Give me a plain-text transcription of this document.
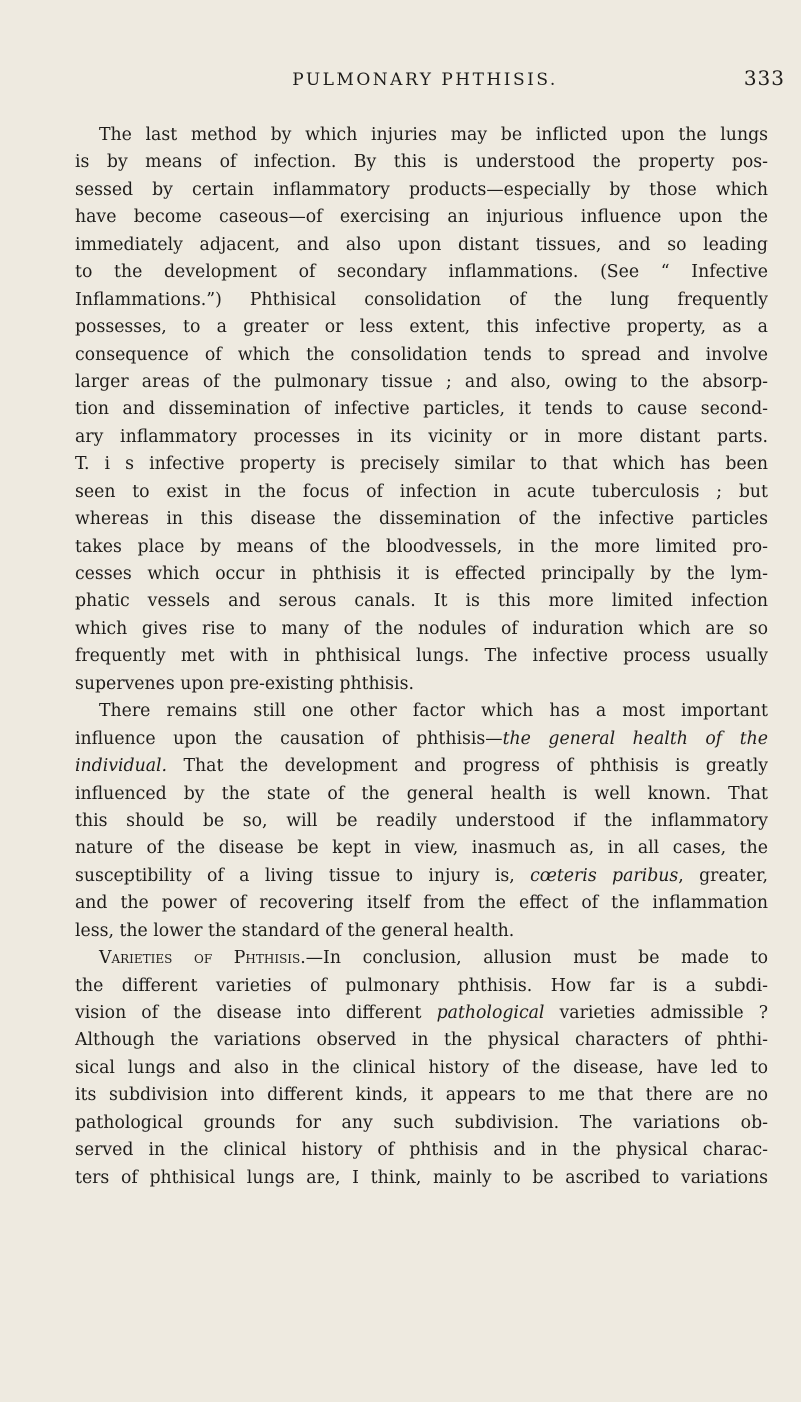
PULMONARY PHTHISIS.	333
The last method by which injuries may be inflicted upon the lungs
is by means of infection. By this is understood the property pos-
sessed by certain inflammatory products—especially by those which
have become caseous—of exercising an injurious influence upon the
immediately adjacent, and also upon distant tissues, and so leading
to the development of secondary inflammations. (See “ Infective
Inflammations.”) Phthisical consolidation of the lung frequently
possesses, to a greater or less extent, this infective property, as a
consequence of which the consolidation tends to spread and involve
larger areas of the pulmonary tissue ; and also, owing to the absorp-
tion and dissemination of infective particles, it tends to cause second-
ary inflammatory processes in its vicinity or in more distant parts.
T. i s infective property is precisely similar to that which has been
seen to exist in the focus of infection in acute tuberculosis ; but
whereas in this disease the dissemination of the infective particles
takes place by means of the bloodvessels, in the more limited pro-
cesses which occur in phthisis it is effected principally by the lym-
phatic vessels and serous canals. It is this more limited infection
which gives rise to many of the nodules of induration which are so
frequently met with in phthisical lungs. The infective process usually
supervenes upon pre-existing phthisis.
There remains still one other factor which has a most important
influence upon the causation of phthisis—the general health of the
individual. That the development and progress of phthisis is greatly
influenced by the state of the general health is well known. That
this should be so, will be readily understood if the inflammatory
nature of the disease be kept in view, inasmuch as, in all cases, the
susceptibility of a living tissue to injury is, cœteris paribus, greater,
and the power of recovering itself from the effect of the inflammation
less, the lower the standard of the general health.
Varieties of Phthisis.—In conclusion, allusion must be made to
the different varieties of pulmonary phthisis. How far is a subdi-
vision of the disease into different pathological varieties admissible ?
Although the variations observed in the physical characters of phthi-
sical lungs and also in the clinical history of the disease, have led to
its subdivision into different kinds, it appears to me that there are no
pathological grounds for any such subdivision. The variations ob-
served in the clinical history of phthisis and in the physical charac-
ters of phthisical lungs are, I think, mainly to be ascribed to variations
